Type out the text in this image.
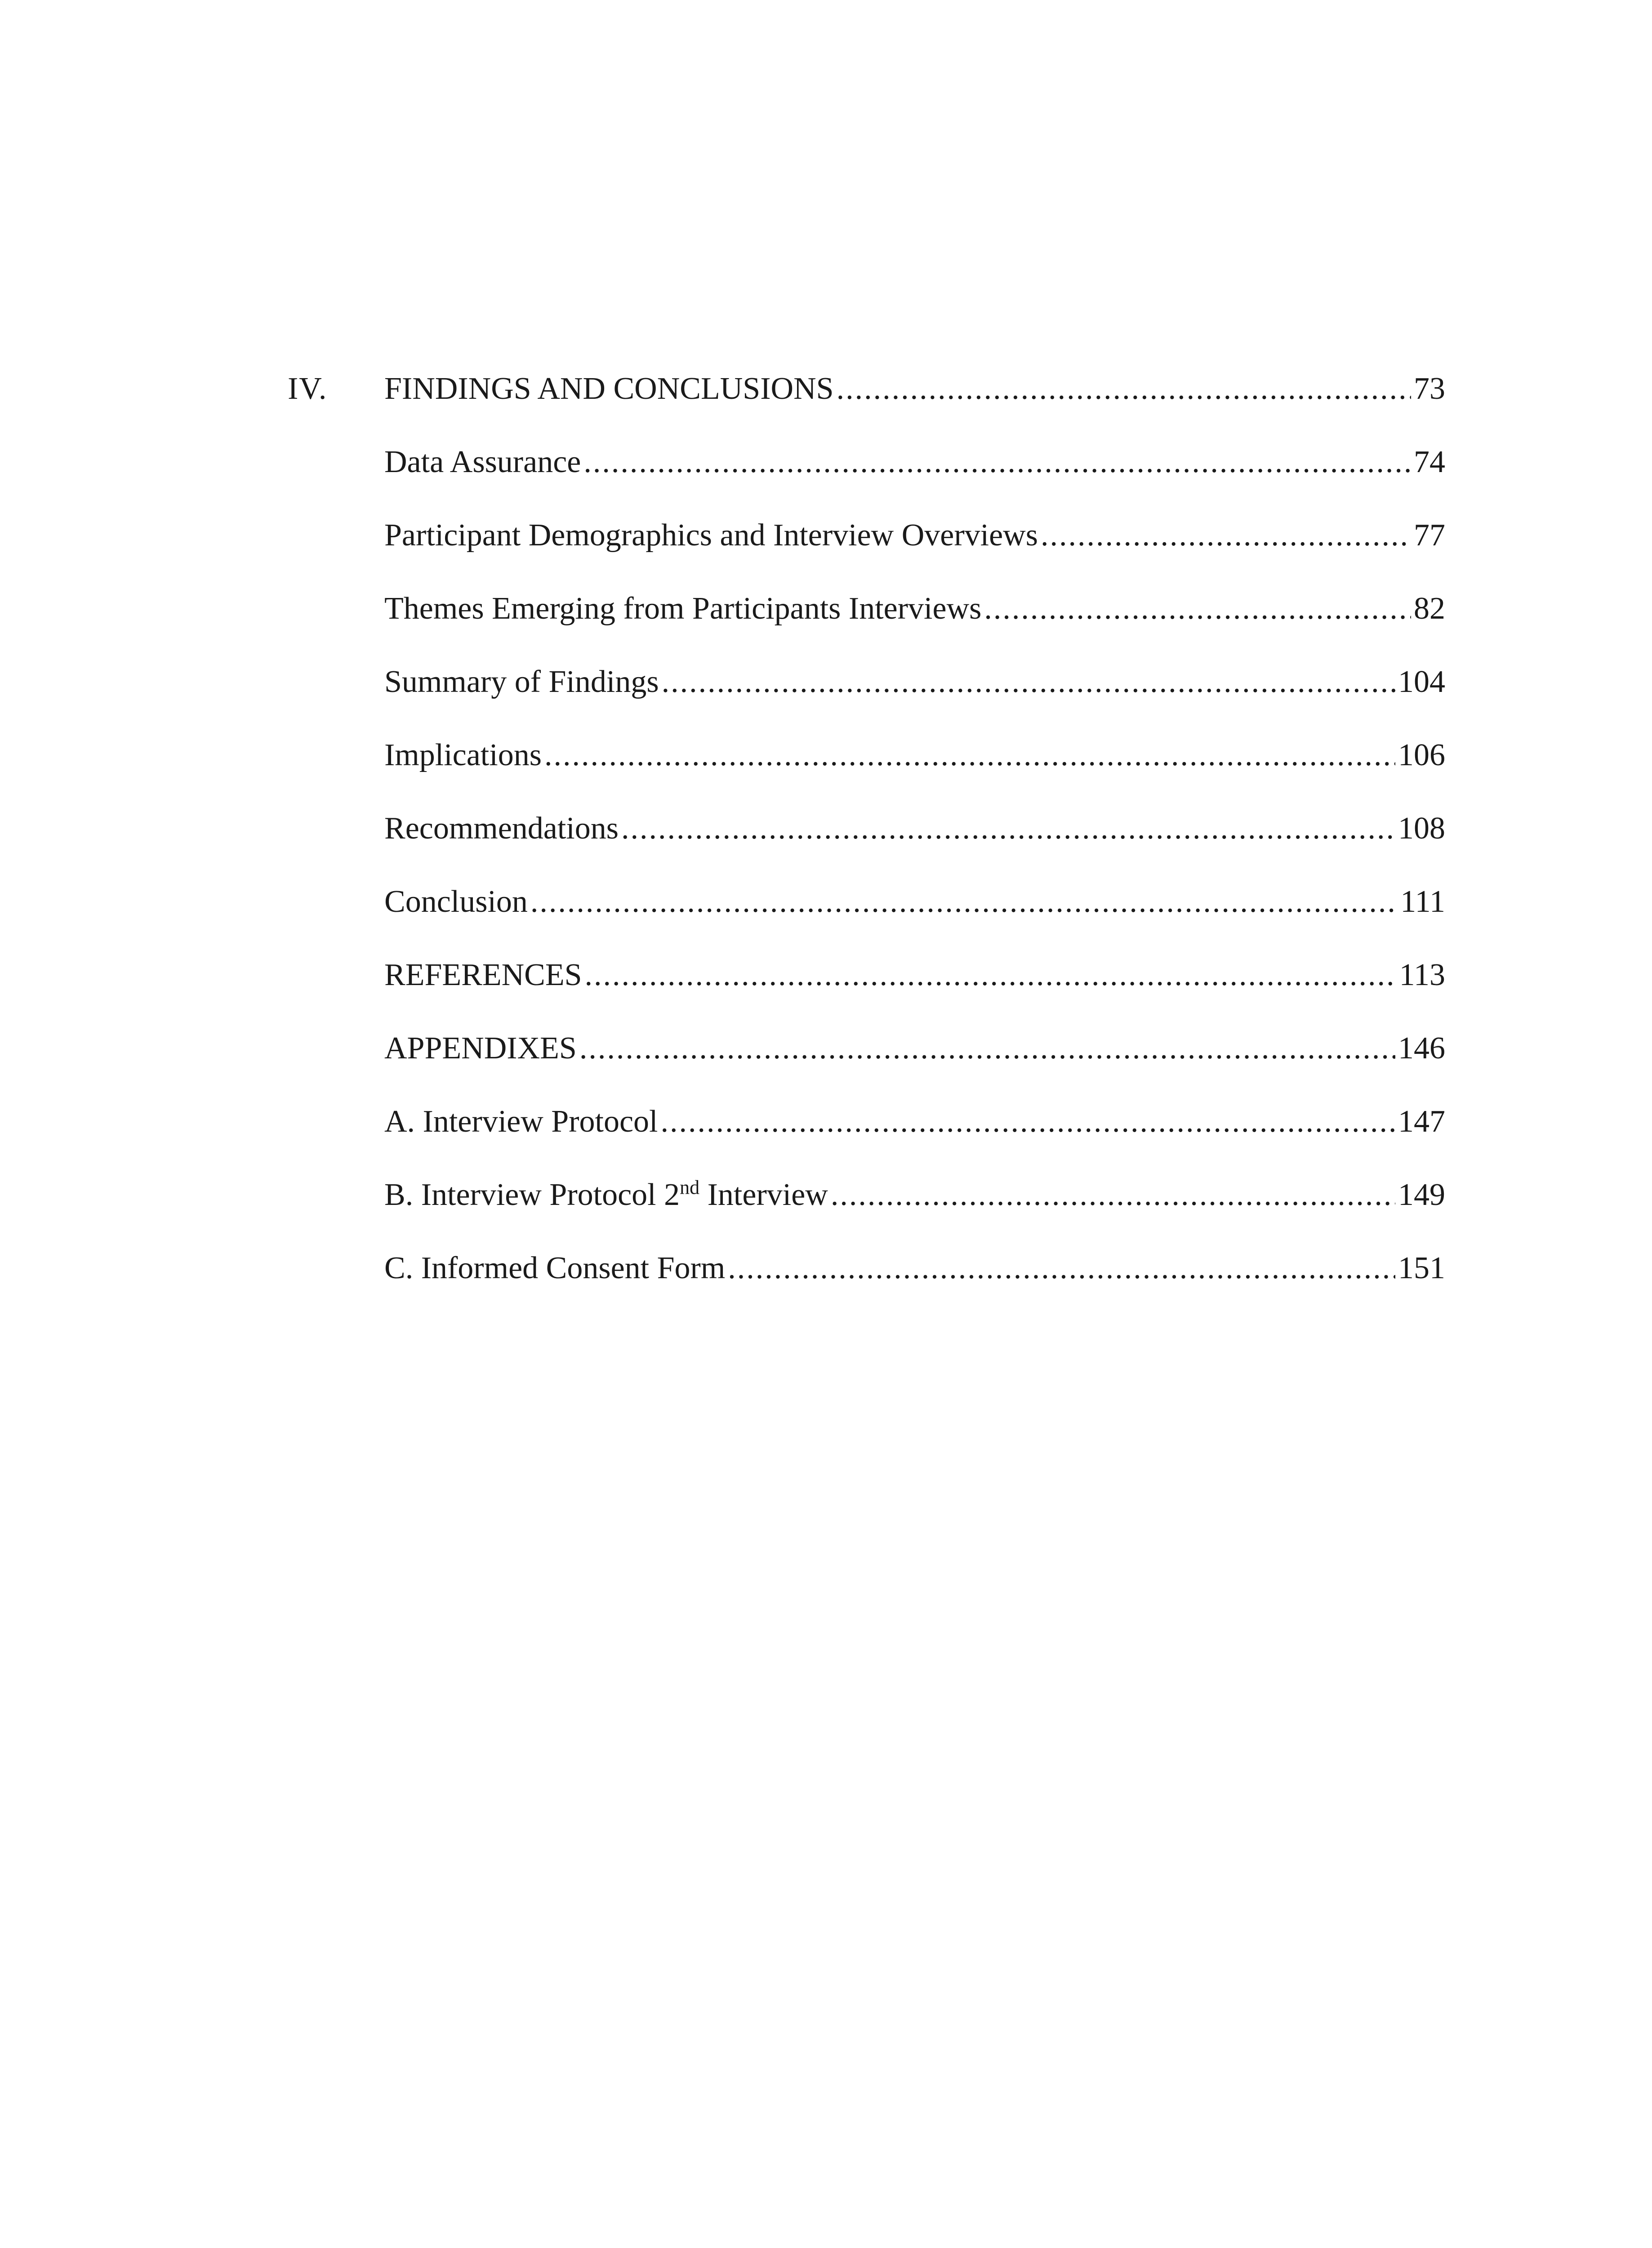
IV. FINDINGS AND CONCLUSIONS .....	73
Data Assurance .....	74
Participant Demographics and Interview Overviews .....	77
Themes Emerging from Participants Interviews .....	82
Summary of Findings .....	104
Implications .....	106
Recommendations .....	108
Conclusion .....	111
REFERENCES .....	113
APPENDIXES .....	146
A. Interview Protocol .....	147
B. Interview Protocol 2nd Interview .....	149
C. Informed Consent Form .....	151
